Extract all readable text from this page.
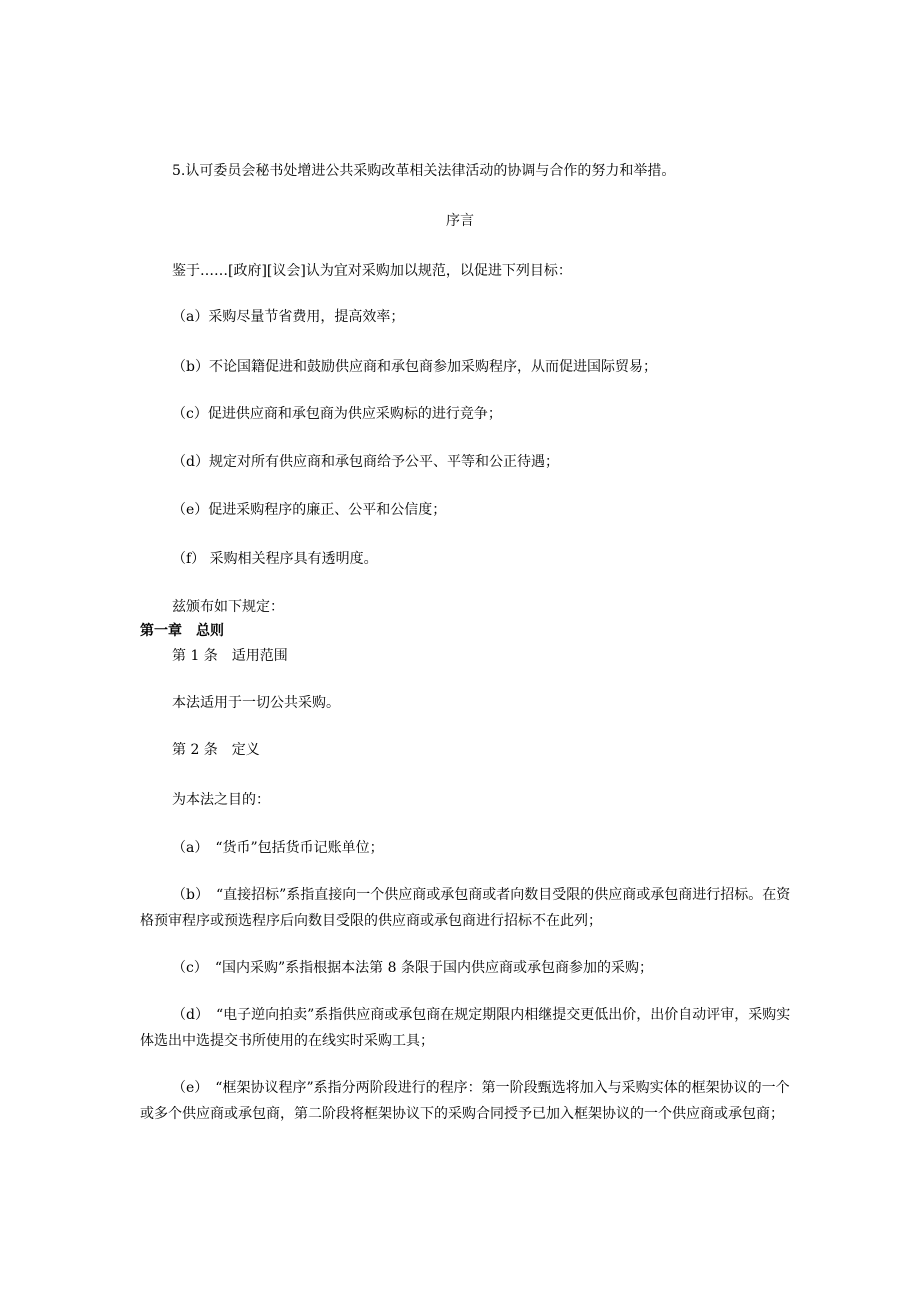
5.认可委员会秘书处增进公共采购改革相关法律活动的协调与合作的努力和举措。
序言
鉴于……[政府][议会]认为宜对采购加以规范，以促进下列目标：
（a）采购尽量节省费用，提高效率；
（b）不论国籍促进和鼓励供应商和承包商参加采购程序，从而促进国际贸易；
（c）促进供应商和承包商为供应采购标的进行竞争；
（d）规定对所有供应商和承包商给予公平、平等和公正待遇；
（e）促进采购程序的廉正、公平和公信度；
（f） 采购相关程序具有透明度。
兹颁布如下规定：
第一章　总则
第 1 条　适用范围
本法适用于一切公共采购。
第 2 条　定义
为本法之目的：
（a）　“货币”包括货币记账单位；
（b）　“直接招标”系指直接向一个供应商或承包商或者向数目受限的供应商或承包商进行招标。在资格预审程序或预选程序后向数目受限的供应商或承包商进行招标不在此列；
（c）　“国内采购”系指根据本法第 8 条限于国内供应商或承包商参加的采购；
（d）　“电子逆向拍卖”系指供应商或承包商在规定期限内相继提交更低出价，出价自动评审，采购实体选出中选提交书所使用的在线实时采购工具；
（e）　“框架协议程序”系指分两阶段进行的程序：第一阶段甄选将加入与采购实体的框架协议的一个或多个供应商或承包商，第二阶段将框架协议下的采购合同授予已加入框架协议的一个供应商或承包商；
